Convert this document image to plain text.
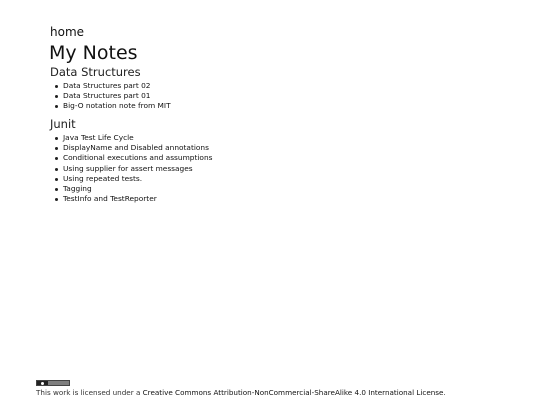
home
My Notes
Data Structures
Data Structures part 02
Data Structures part 01
Big-O notation note from MIT
Junit
Java Test Life Cycle
DisplayName and Disabled annotations
Conditional executions and assumptions
Using supplier for assert messages
Using repeated tests.
Tagging
TestInfo and TestReporter
This work is licensed under a Creative Commons Attribution-NonCommercial-ShareAlike 4.0 International License.
